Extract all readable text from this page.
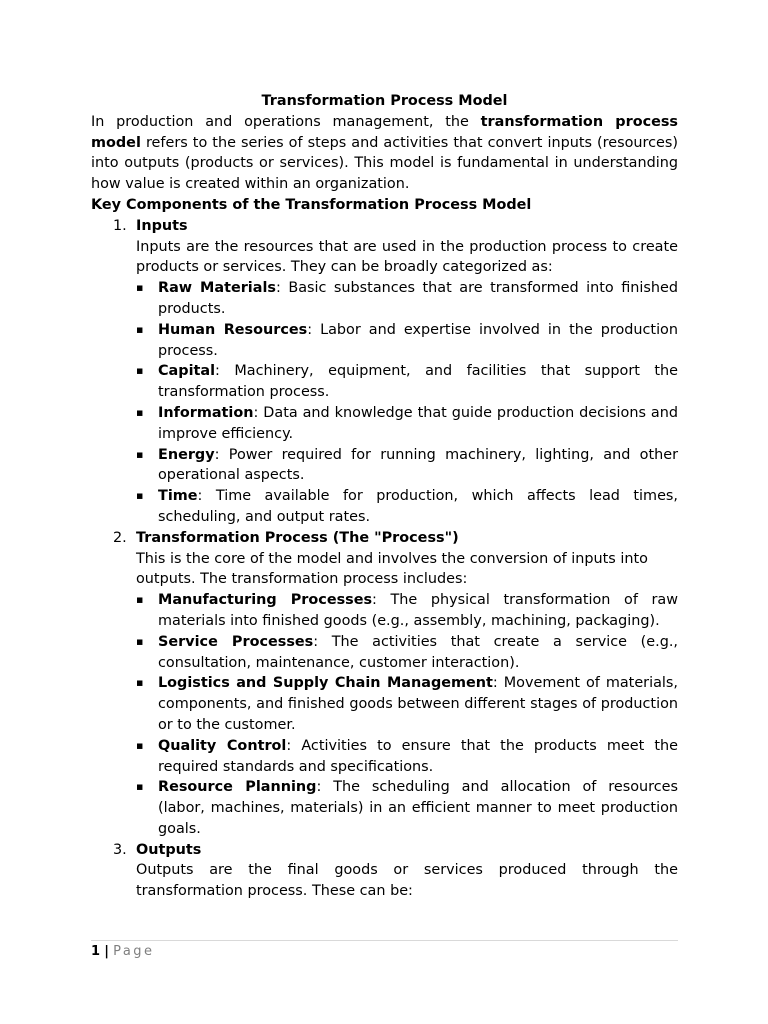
Transformation Process Model

In production and operations management, the transformation process model refers to the series of steps and activities that convert inputs (resources) into outputs (products or services). This model is fundamental in understanding how value is created within an organization.

Key Components of the Transformation Process Model

1. Inputs

Inputs are the resources that are used in the production process to create products or services. They can be broadly categorized as:

▪ Raw Materials: Basic substances that are transformed into finished products.
▪ Human Resources: Labor and expertise involved in the production process.
▪ Capital: Machinery, equipment, and facilities that support the transformation process.
▪ Information: Data and knowledge that guide production decisions and improve efficiency.
▪ Energy: Power required for running machinery, lighting, and other operational aspects.
▪ Time: Time available for production, which affects lead times, scheduling, and output rates.
2. Transformation Process (The "Process")

This is the core of the model and involves the conversion of inputs into outputs. The transformation process includes:

▪ Manufacturing Processes: The physical transformation of raw materials into finished goods (e.g., assembly, machining, packaging).
▪ Service Processes: The activities that create a service (e.g., consultation, maintenance, customer interaction).
▪ Logistics and Supply Chain Management: Movement of materials, components, and finished goods between different stages of production or to the customer.
▪ Quality Control: Activities to ensure that the products meet the required standards and specifications.
▪ Resource Planning: The scheduling and allocation of resources (labor, machines, materials) in an efficient manner to meet production goals.
3. Outputs

Outputs are the final goods or services produced through the transformation process. These can be:

1 | Page
